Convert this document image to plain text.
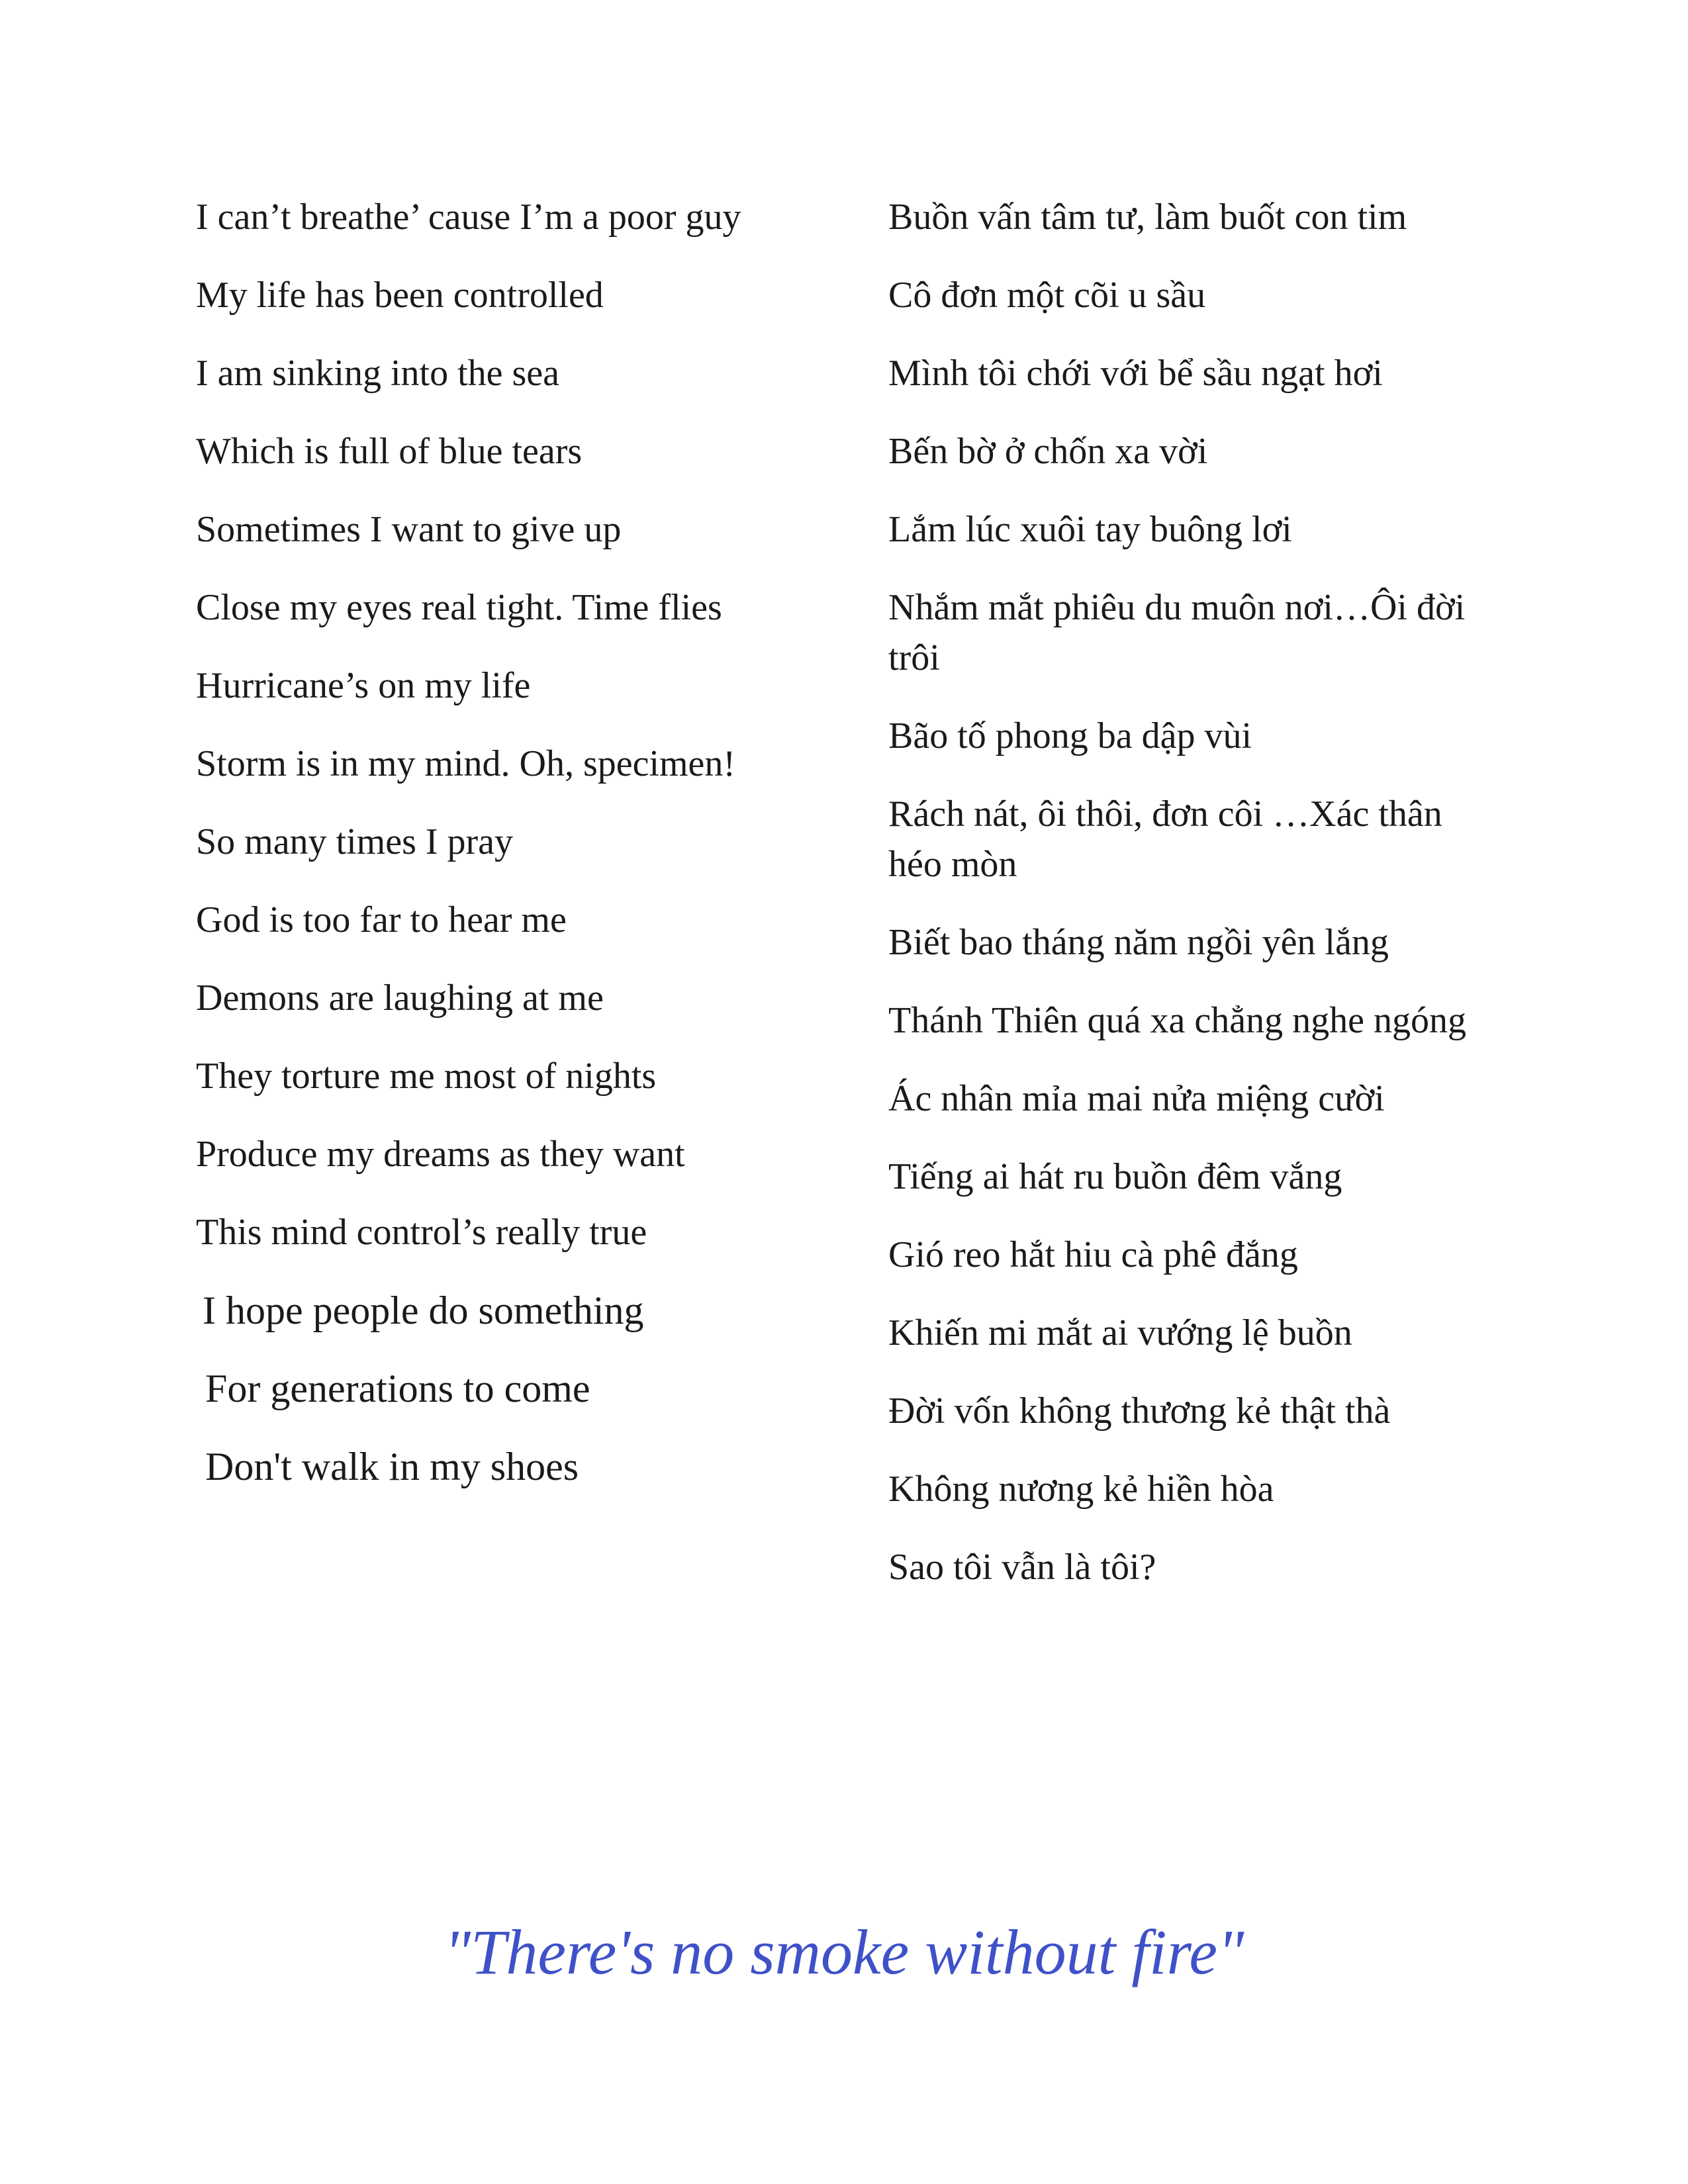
I can’t breathe’ cause I’m a poor guy
My life has been controlled
I am sinking into the sea
Which is full of blue tears
Sometimes I want to give up
Close my eyes real tight. Time flies
Hurricane’s on my life
Storm is in my mind. Oh, specimen!
So many times I pray
God is too far to hear me
Demons are laughing at me
They torture me most of nights
Produce my dreams as they want
This mind control’s really true
I hope people do something
For generations to come
Don't walk in my shoes
Buồn vấn tâm tư, làm buốt con tim
Cô đơn một cõi u sầu
Mình tôi chới với bể sầu ngạt hơi
Bến bờ ở chốn xa vời
Lắm lúc xuôi tay buông lơi
Nhắm mắt phiêu du muôn nơi…Ôi đời trôi
Bão tố phong ba dập vùi
Rách nát, ôi thôi, đơn côi …Xác thân héo mòn
Biết bao tháng năm ngồi yên lắng
Thánh Thiên quá xa chẳng nghe ngóng
Ác nhân mỉa mai nửa miệng cười
Tiếng ai hát ru buồn đêm vắng
Gió reo hắt hiu cà phê đắng
Khiến mi mắt ai vướng lệ buồn
Đời vốn không thương kẻ thật thà
Không nương kẻ hiền hòa
Sao tôi vẫn là tôi?
"There's no smoke without fire"
